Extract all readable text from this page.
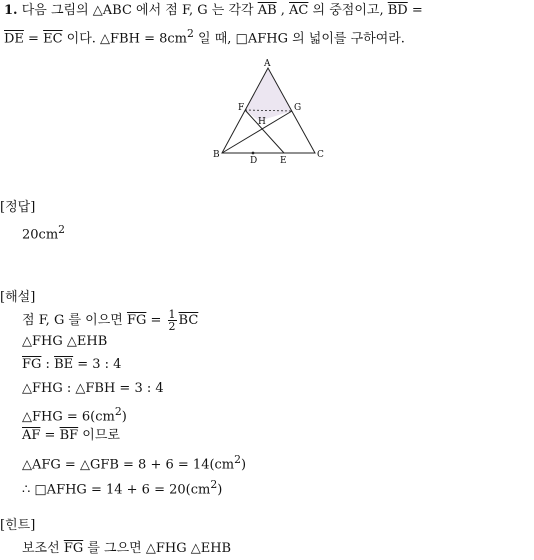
1. 다음 그림의 △ABC 에서 점 F, G 는 각각 $\overline{AB}$ , $\overline{AC}$ 의 중점이고, $\overline{BD}$ =
$\overline{DE} = \overline{EC}$ 이다. △FBH = $8cm^2$ 일 때, □AFHG 의 넓이를 구하여라.
A
B	C
D	E
F	G
H
[정답]
$20cm^2$
[해설]
점 F, G 를 이으면 $\overline{FG} = \frac{1}{2} \overline{BC}$
△FHG △EHB
$\overline{FG}$ : $\overline{BE} = 3$ : 4
△FHG : △FBH = 3 : 4
△FHG = $6(cm^2)$
$\overline{AF} = \overline{BF}$ 이므로
△AFG = △GFB = $8 + 6 = 14(cm^2)$
∴ □AFHG = $14 + 6 = 20(cm^2)$
[힌트]
보조선 $\overline{FG}$ 를 그으면 △FHG △EHB
